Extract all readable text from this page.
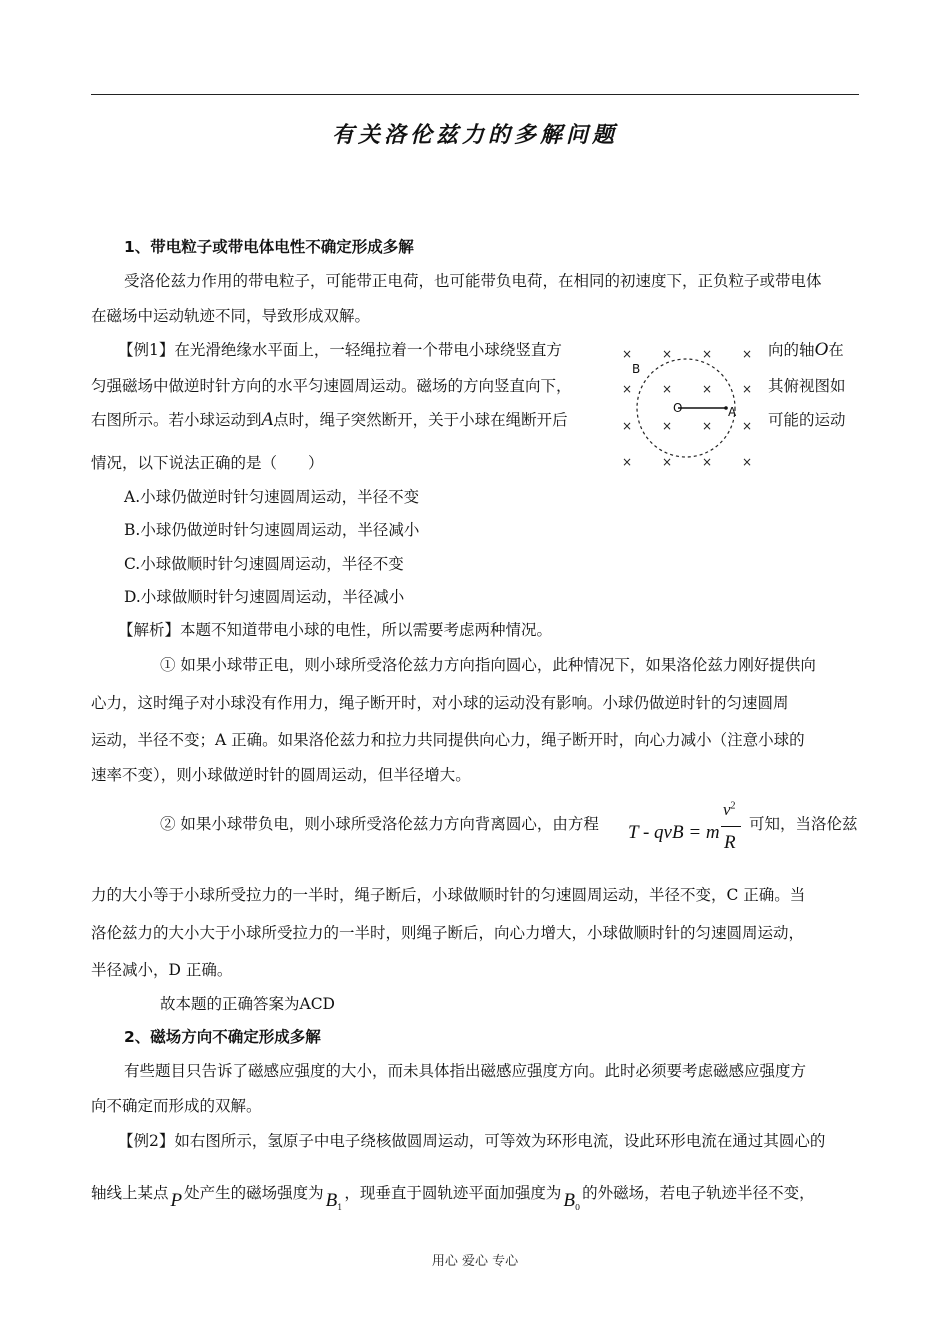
有关洛伦兹力的多解问题
1、带电粒子或带电体电性不确定形成多解
受洛伦兹力作用的带电粒子，可能带正电荷，也可能带负电荷，在相同的初速度下，正负粒子或带电体
在磁场中运动轨迹不同，导致形成双解。
【例1】在光滑绝缘水平面上，一轻绳拉着一个带电小球绕竖直方	向的轴O在
匀强磁场中做逆时针方向的水平匀速圆周运动。磁场的方向竖直向下，	其俯视图如
右图所示。若小球运动到A点时，绳子突然断开，关于小球在绳断开后	可能的运动
情况，以下说法正确的是（　　）
× × × ×
× × × ×
× × × ×
× × × ×
O	A
B
A.小球仍做逆时针匀速圆周运动，半径不变
B.小球仍做逆时针匀速圆周运动，半径减小
C.小球做顺时针匀速圆周运动，半径不变
D.小球做顺时针匀速圆周运动，半径减小
【解析】本题不知道带电小球的电性，所以需要考虑两种情况。
① 如果小球带正电，则小球所受洛伦兹力方向指向圆心，此种情况下，如果洛伦兹力刚好提供向
心力，这时绳子对小球没有作用力，绳子断开时，对小球的运动没有影响。小球仍做逆时针的匀速圆周
运动，半径不变；A 正确。如果洛伦兹力和拉力共同提供向心力，绳子断开时，向心力减小（注意小球的
速率不变），则小球做逆时针的圆周运动，但半径增大。
② 如果小球带负电，则小球所受洛伦兹力方向背离圆心，由方程 T - qvB = m
$v^2$
R
可知，当洛伦兹
力的大小等于小球所受拉力的一半时，绳子断后，小球做顺时针的匀速圆周运动，半径不变，C 正确。当
洛伦兹力的大小大于小球所受拉力的一半时，则绳子断后，向心力增大，小球做顺时针的匀速圆周运动，
半径减小，D 正确。
故本题的正确答案为ACD
2、磁场方向不确定形成多解
有些题目只告诉了磁感应强度的大小，而未具体指出磁感应强度方向。此时必须要考虑磁感应强度方
向不确定而形成的双解。
【例2】如右图所示，氢原子中电子绕核做圆周运动，可等效为环形电流，设此环形电流在通过其圆心的
轴线上某点 P 处产生的磁场强度为 $B_1$，现垂直于圆轨迹平面加强度为 $B_0$的外磁场，若电子轨迹半径不变，
用心 爱心 专心
